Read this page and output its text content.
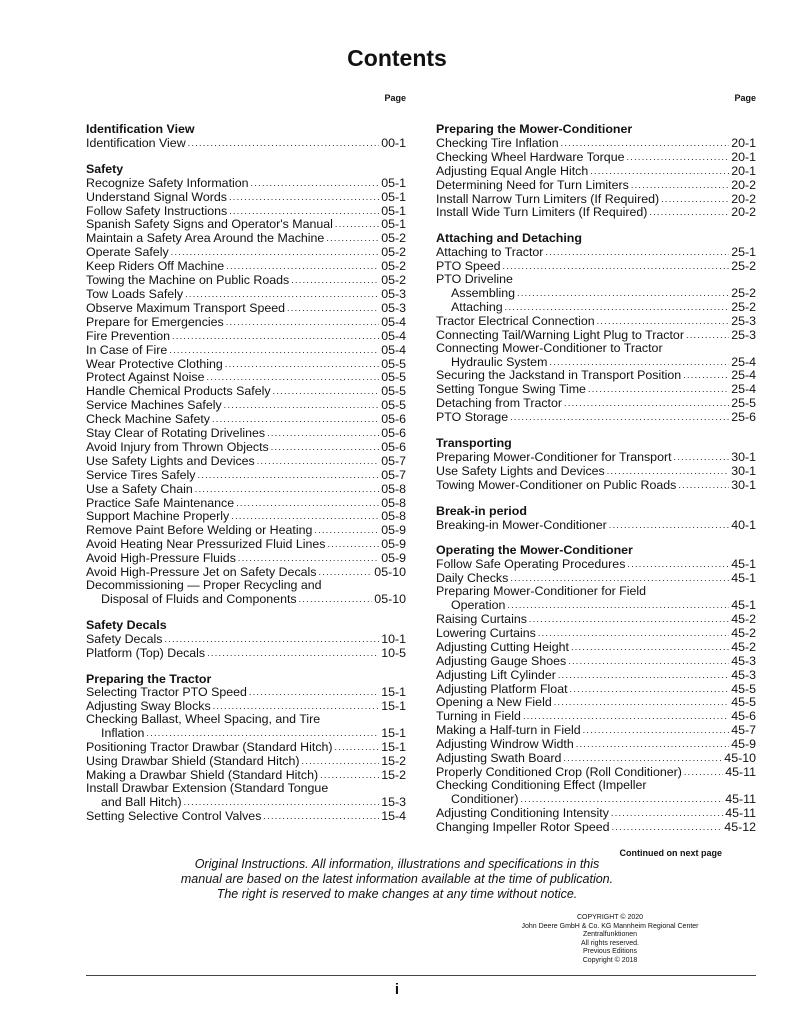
Contents
Page
Identification View
Identification View . . .	00-1
Safety
Recognize Safety Information . . .	05-1
Understand Signal Words . . .	05-1
Follow Safety Instructions . . .	05-1
Spanish Safety Signs and Operator's Manual . . .	05-1
Maintain a Safety Area Around the Machine . . .	05-2
Operate Safely . . .	05-2
Keep Riders Off Machine . . .	05-2
Towing the Machine on Public Roads . . .	05-2
Tow Loads Safely . . .	05-3
Observe Maximum Transport Speed . . .	05-3
Prepare for Emergencies . . .	05-4
Fire Prevention . . .	05-4
In Case of Fire . . .	05-4
Wear Protective Clothing . . .	05-5
Protect Against Noise . . .	05-5
Handle Chemical Products Safely . . .	05-5
Service Machines Safely . . .	05-5
Check Machine Safety . . .	05-6
Stay Clear of Rotating Drivelines . . .	05-6
Avoid Injury from Thrown Objects . . .	05-6
Use Safety Lights and Devices . . .	05-7
Service Tires Safely . . .	05-7
Use a Safety Chain . . .	05-8
Practice Safe Maintenance . . .	05-8
Support Machine Properly . . .	05-8
Remove Paint Before Welding or Heating . . .	05-9
Avoid Heating Near Pressurized Fluid Lines . . .	05-9
Avoid High-Pressure Fluids . . .	05-9
Avoid High-Pressure Jet on Safety Decals . . .	05-10
Decommissioning — Proper Recycling and
Disposal of Fluids and Components . . .	05-10
Safety Decals
Safety Decals . . .	10-1
Platform (Top) Decals . . .	10-5
Preparing the Tractor
Selecting Tractor PTO Speed . . .	15-1
Adjusting Sway Blocks . . .	15-1
Checking Ballast, Wheel Spacing, and Tire
Inflation . . .	15-1
Positioning Tractor Drawbar (Standard Hitch) . . .	15-1
Using Drawbar Shield (Standard Hitch) . . .	15-2
Making a Drawbar Shield (Standard Hitch) . . .	15-2
Install Drawbar Extension (Standard Tongue
and Ball Hitch) . . .	15-3
Setting Selective Control Valves . . .	15-4
Page
Preparing the Mower-Conditioner
Checking Tire Inflation . . .	20-1
Checking Wheel Hardware Torque . . .	20-1
Adjusting Equal Angle Hitch . . .	20-1
Determining Need for Turn Limiters . . .	20-2
Install Narrow Turn Limiters (If Required) . . .	20-2
Install Wide Turn Limiters (If Required) . . .	20-2
Attaching and Detaching
Attaching to Tractor . . .	25-1
PTO Speed . . .	25-2
PTO Driveline
Assembling . . .	25-2
Attaching . . .	25-2
Tractor Electrical Connection . . .	25-3
Connecting Tail/Warning Light Plug to Tractor . . .	25-3
Connecting Mower-Conditioner to Tractor
Hydraulic System . . .	25-4
Securing the Jackstand in Transport Position . . .	25-4
Setting Tongue Swing Time . . .	25-4
Detaching from Tractor . . .	25-5
PTO Storage . . .	25-6
Transporting
Preparing Mower-Conditioner for Transport . . .	30-1
Use Safety Lights and Devices . . .	30-1
Towing Mower-Conditioner on Public Roads . . .	30-1
Break-in period
Breaking-in Mower-Conditioner . . .	40-1
Operating the Mower-Conditioner
Follow Safe Operating Procedures . . .	45-1
Daily Checks . . .	45-1
Preparing Mower-Conditioner for Field
Operation . . .	45-1
Raising Curtains . . .	45-2
Lowering Curtains . . .	45-2
Adjusting Cutting Height . . .	45-2
Adjusting Gauge Shoes . . .	45-3
Adjusting Lift Cylinder . . .	45-3
Adjusting Platform Float . . .	45-5
Opening a New Field . . .	45-5
Turning in Field . . .	45-6
Making a Half-turn in Field . . .	45-7
Adjusting Windrow Width . . .	45-9
Adjusting Swath Board . . .	45-10
Properly Conditioned Crop (Roll Conditioner) . . .	45-11
Checking Conditioning Effect (Impeller
Conditioner) . . .	45-11
Adjusting Conditioning Intensity . . .	45-11
Changing Impeller Rotor Speed . . .	45-12
Continued on next page
Original Instructions. All information, illustrations and specifications in this
manual are based on the latest information available at the time of publication.
The right is reserved to make changes at any time without notice.
COPYRIGHT © 2020
John Deere GmbH & Co. KG Mannheim Regional Center
Zentralfunktionen
All rights reserved.
Previous Editions
Copyright © 2018
i
